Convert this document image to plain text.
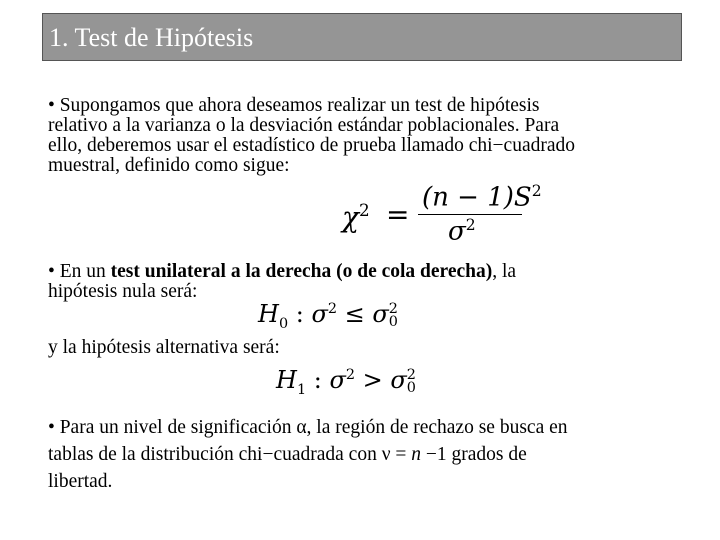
1. Test de Hipótesis
• Supongamos que ahora deseamos realizar un test de hipótesis
relativo a la varianza o la desviación estándar poblacionales. Para
ello, deberemos usar el estadístico de prueba llamado chi−cuadrado
muestral, definido como sigue:
$\chi^2$ =
$(n - 1)S^2$
$\sigma^2$
• En un test unilateral a la derecha (o de cola derecha), la
hipótesis nula será:
$H_0$ : $\sigma^2 \le \sigma$ 2
0
y la hipótesis alternativa será:
$H_1$ : $\sigma^2 > \sigma$ 2
0
• Para un nivel de significación α, la región de rechazo se busca en
tablas de la distribución chi−cuadrada con ν = n −1 grados de
libertad.
